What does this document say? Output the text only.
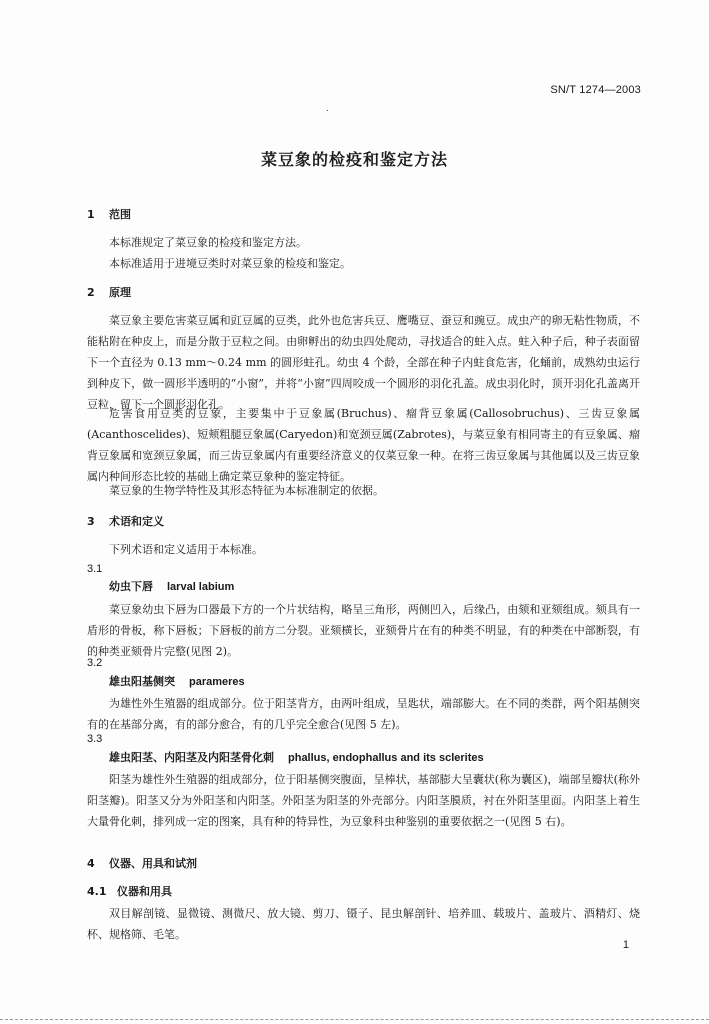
SN/T 1274—2003
.
菜豆象的检疫和鉴定方法
1 范围
本标准规定了菜豆象的检疫和鉴定方法。
本标准适用于进境豆类时对菜豆象的检疫和鉴定。
2 原理
菜豆象主要危害菜豆属和豇豆属的豆类，此外也危害兵豆、鹰嘴豆、蚕豆和豌豆。成虫产的卵无粘性物质，不能粘附在种皮上，而是分散于豆粒之间。由卵孵出的幼虫四处爬动，寻找适合的蛀入点。蛀入种子后，种子表面留下一个直径为 0.13 mm～0.24 mm 的圆形蛀孔。幼虫 4 个龄，全部在种子内蛀食危害，化蛹前，成熟幼虫运行到种皮下，做一圆形半透明的“小窗”，并将“小窗”四周咬成一个圆形的羽化孔盖。成虫羽化时，顶开羽化孔盖离开豆粒，留下一个圆形羽化孔。
危害食用豆类的豆象，主要集中于豆象属(Bruchus)、瘤背豆象属(Callosobruchus)、三齿豆象属(Acanthoscelides)、短颊粗腿豆象属(Caryedon)和宽颈豆属(Zabrotes)，与菜豆象有相同寄主的有豆象属、瘤背豆象属和宽颈豆象属，而三齿豆象属内有重要经济意义的仅菜豆象一种。在将三齿豆象属与其他属以及三齿豆象属内种间形态比较的基础上确定菜豆象种的鉴定特征。
菜豆象的生物学特性及其形态特征为本标准制定的依据。
3 术语和定义
下列术语和定义适用于本标准。
3.1
幼虫下唇 larval labium
菜豆象幼虫下唇为口器最下方的一个片状结构，略呈三角形，两侧凹入，后缘凸，由颏和亚颏组成。颏具有一盾形的骨板，称下唇板；下唇板的前方二分裂。亚颏横长，亚颏骨片在有的种类不明显，有的种类在中部断裂，有的种类亚颏骨片完整(见图 2)。
3.2
雄虫阳基侧突 parameres
为雄性外生殖器的组成部分。位于阳茎背方，由两叶组成，呈匙状，端部膨大。在不同的类群，两个阳基侧突有的在基部分离，有的部分愈合，有的几乎完全愈合(见图 5 左)。
3.3
雄虫阳茎、内阳茎及内阳茎骨化刺 phallus, endophallus and its sclerites
阳茎为雄性外生殖器的组成部分，位于阳基侧突腹面，呈棒状，基部膨大呈囊状(称为囊区)，端部呈瓣状(称外阳茎瓣)。阳茎又分为外阳茎和内阳茎。外阳茎为阳茎的外壳部分。内阳茎膜质，衬在外阳茎里面。内阳茎上着生大量骨化刺，排列成一定的图案，具有种的特异性，为豆象科虫种鉴别的重要依据之一(见图 5 右)。
4 仪器、用具和试剂
4.1 仪器和用具
双目解剖镜、显微镜、测微尺、放大镜、剪刀、镊子、昆虫解剖针、培养皿、载玻片、盖玻片、酒精灯、烧杯、规格筛、毛笔。
1
